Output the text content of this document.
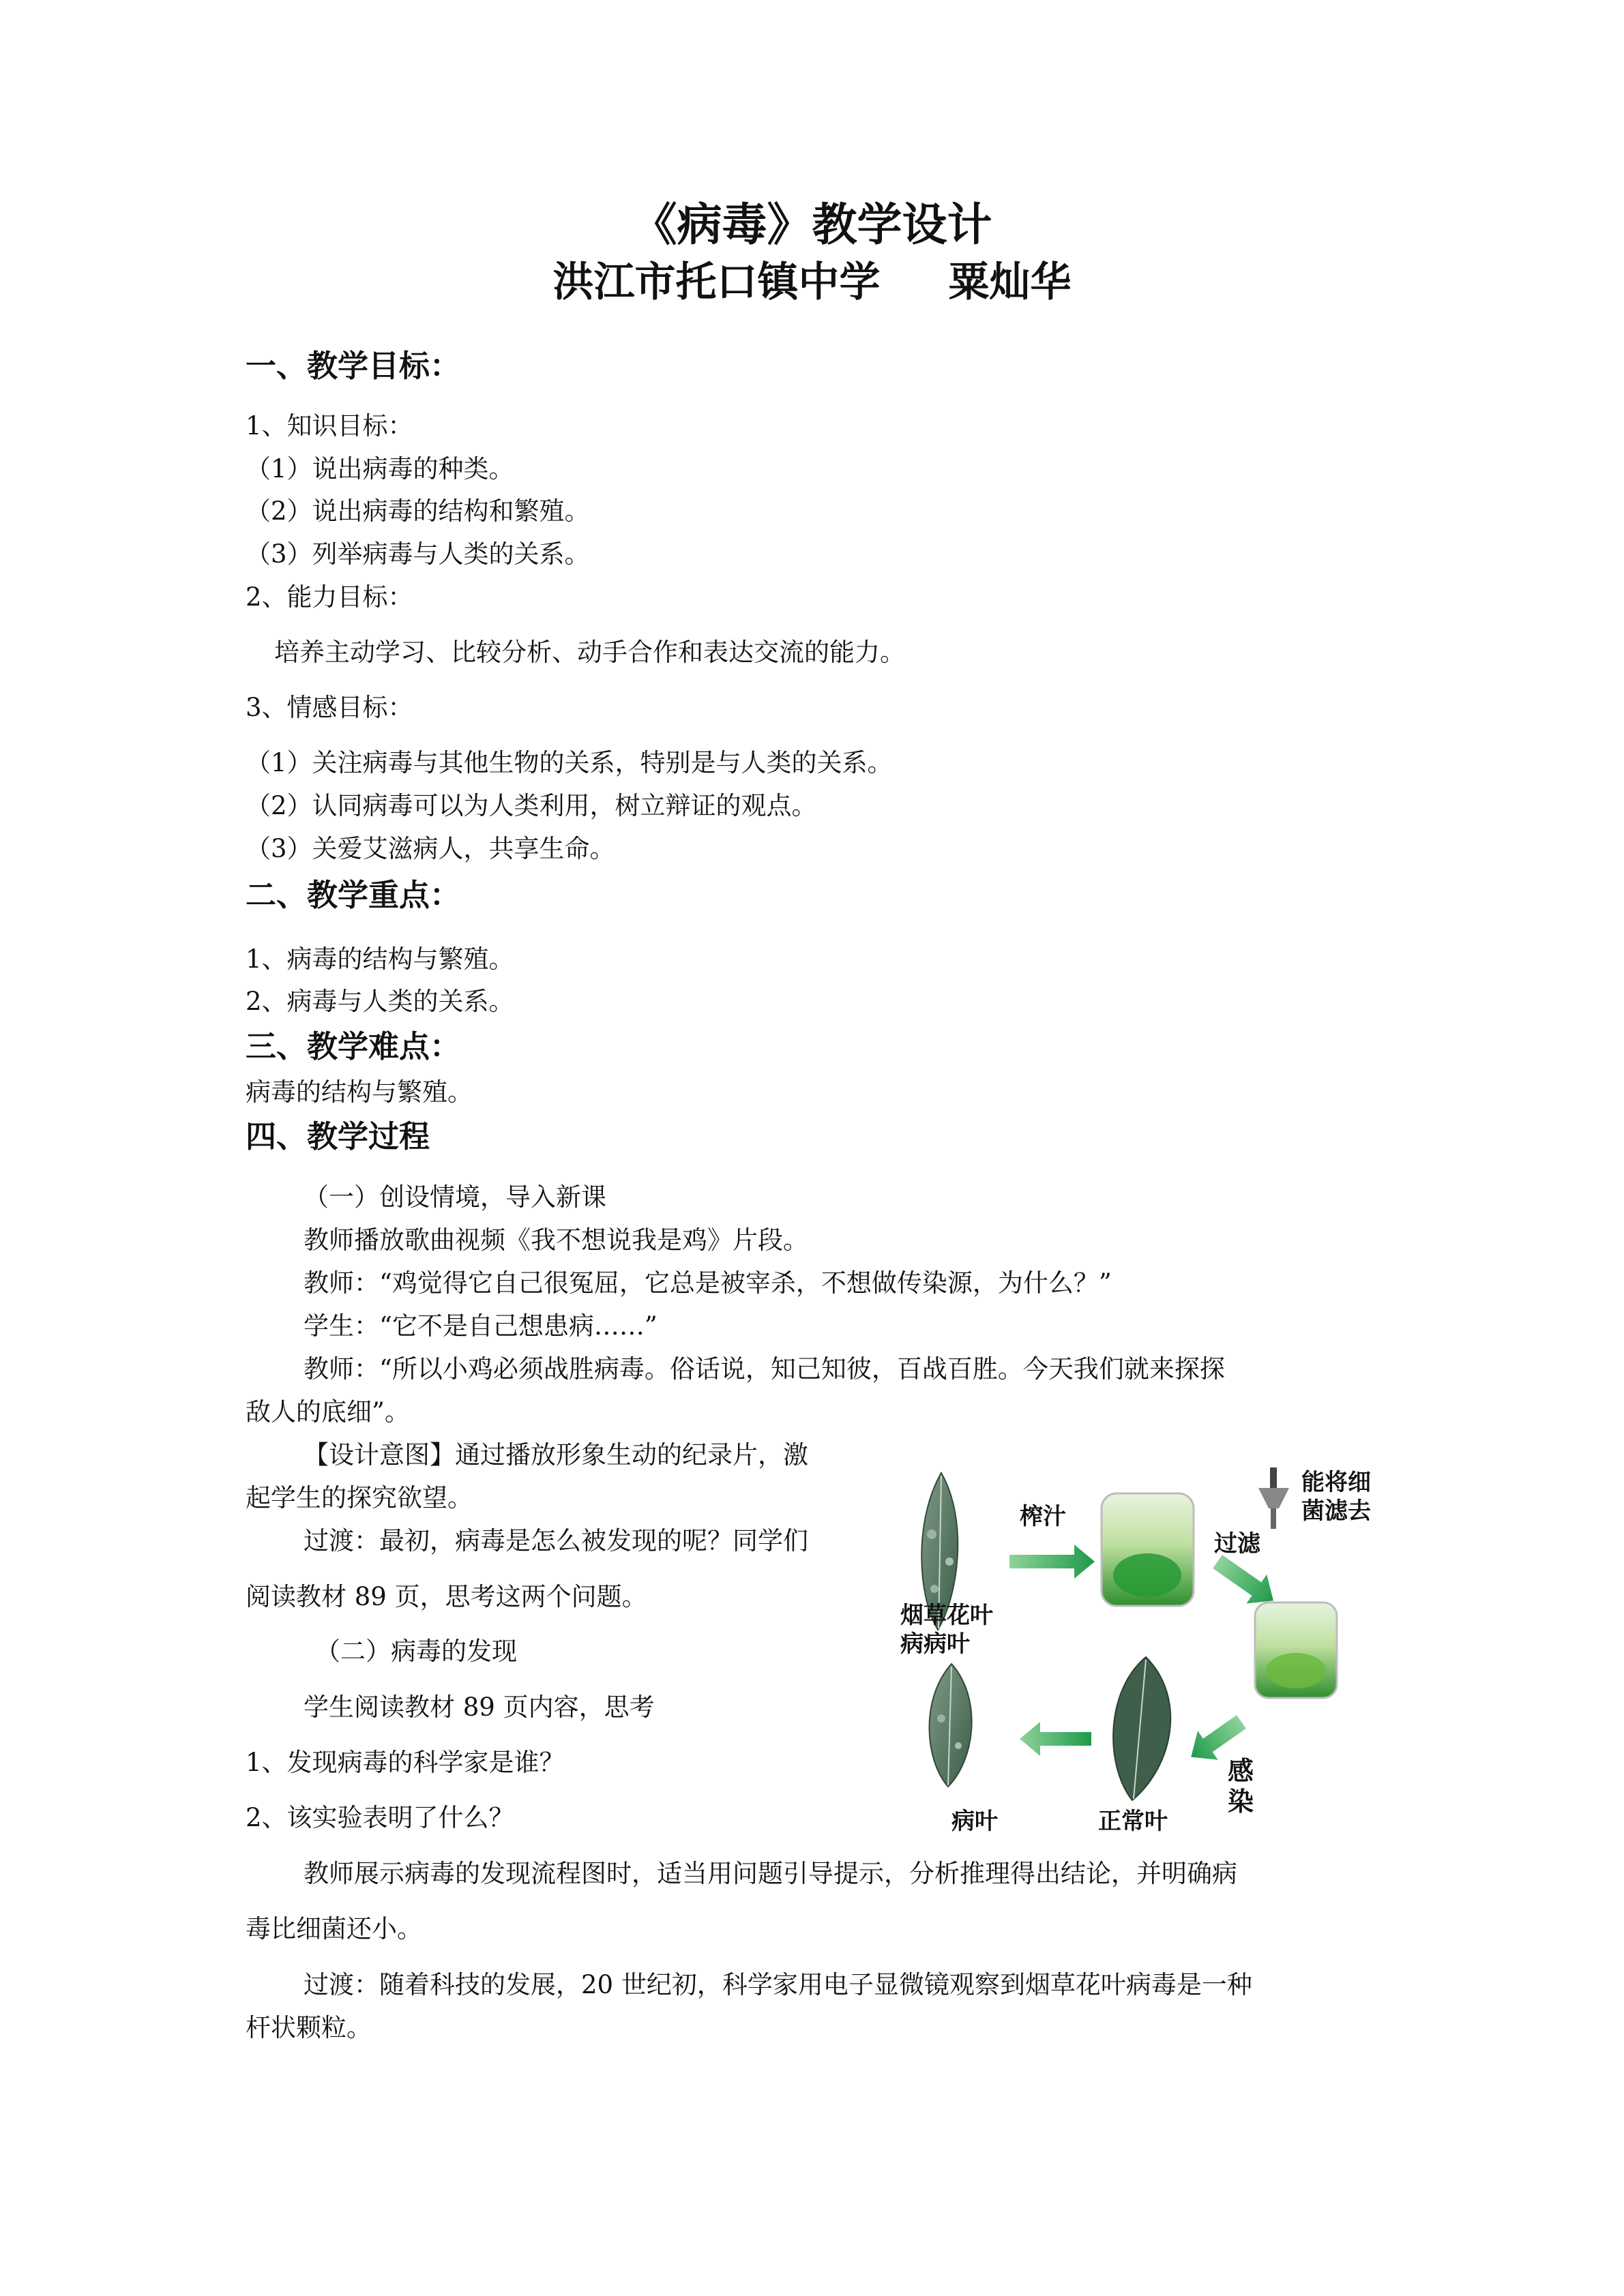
《病毒》教学设计
洪江市托口镇中学 粟灿华
一、教学目标：
1、知识目标：
（1）说出病毒的种类。
（2）说出病毒的结构和繁殖。
（3）列举病毒与人类的关系。
2、能力目标：
培养主动学习、比较分析、动手合作和表达交流的能力。
3、情感目标：
（1）关注病毒与其他生物的关系，特别是与人类的关系。
（2）认同病毒可以为人类利用，树立辩证的观点。
（3）关爱艾滋病人，共享生命。
二、教学重点：
1、病毒的结构与繁殖。
2、病毒与人类的关系。
三、教学难点：
病毒的结构与繁殖。
四、教学过程
（一）创设情境，导入新课
教师播放歌曲视频《我不想说我是鸡》片段。
教师：“鸡觉得它自己很冤屈，它总是被宰杀，不想做传染源，为什么？”
学生：“它不是自己想患病……”
教师：“所以小鸡必须战胜病毒。俗话说，知己知彼，百战百胜。今天我们就来探探
敌人的底细”。
【设计意图】通过播放形象生动的纪录片，激
起学生的探究欲望。
过渡：最初，病毒是怎么被发现的呢？同学们
阅读教材 89 页，思考这两个问题。
（二）病毒的发现
学生阅读教材 89 页内容，思考
1、发现病毒的科学家是谁？
2、该实验表明了什么？
教师展示病毒的发现流程图时，适当用问题引导提示，分析推理得出结论，并明确病
毒比细菌还小。
过渡：随着科技的发展，20 世纪初，科学家用电子显微镜观察到烟草花叶病毒是一种
杆状颗粒。
烟草花叶
病病叶
榨汁
能将细
菌滤去
过滤
感
染
正常叶
病叶
